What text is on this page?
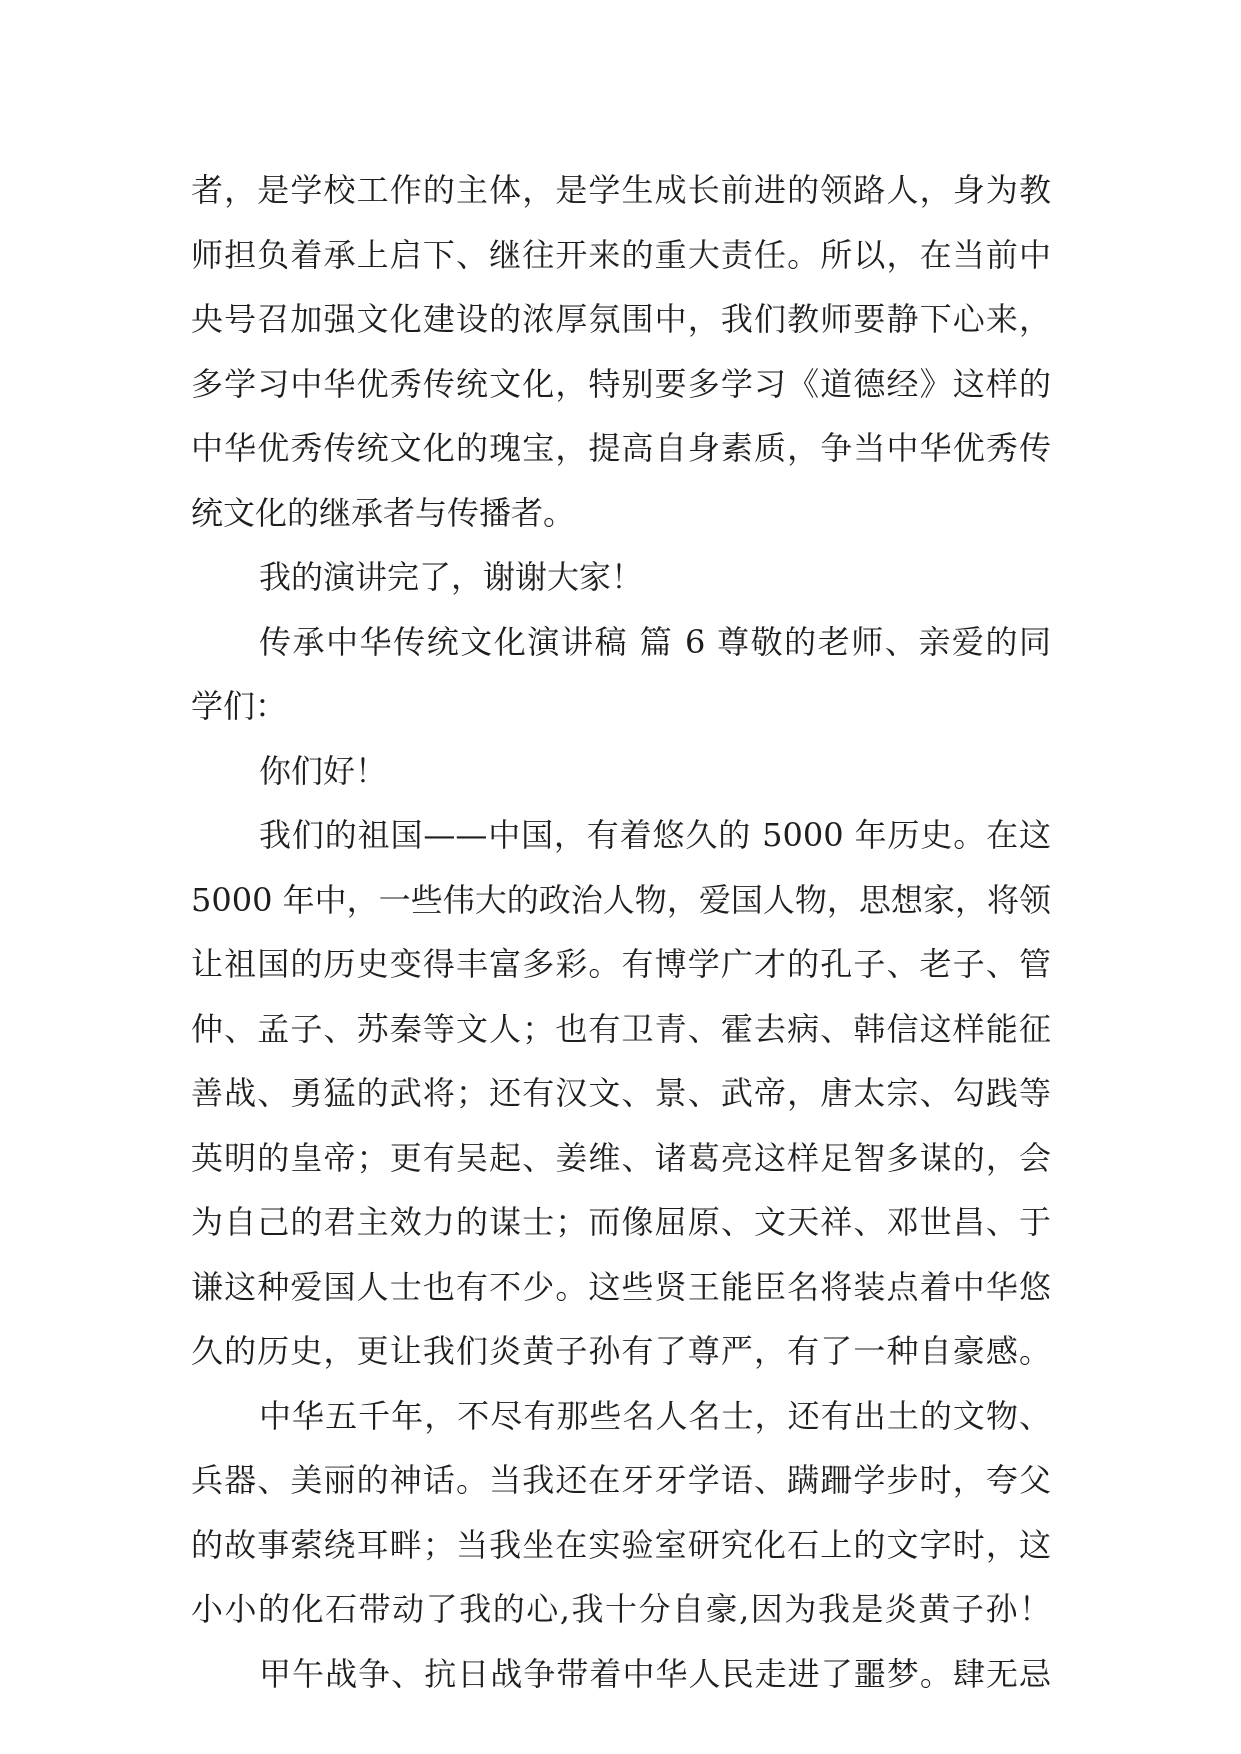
者，是学校工作的主体，是学生成长前进的领路人，身为教
师担负着承上启下、继往开来的重大责任。所以，在当前中
央号召加强文化建设的浓厚氛围中，我们教师要静下心来，
多学习中华优秀传统文化，特别要多学习《道德经》这样的
中华优秀传统文化的瑰宝，提高自身素质，争当中华优秀传
统文化的继承者与传播者。
我的演讲完了，谢谢大家！
传承中华传统文化演讲稿 篇 6 尊敬的老师、亲爱的同
学们：
你们好！
我们的祖国——中国，有着悠久的 5000 年历史。在这
5000 年中，一些伟大的政治人物，爱国人物，思想家，将领
让祖国的历史变得丰富多彩。有博学广才的孔子、老子、管
仲、孟子、苏秦等文人；也有卫青、霍去病、韩信这样能征
善战、勇猛的武将；还有汉文、景、武帝，唐太宗、勾践等
英明的皇帝；更有吴起、姜维、诸葛亮这样足智多谋的，会
为自己的君主效力的谋士；而像屈原、文天祥、邓世昌、于
谦这种爱国人士也有不少。这些贤王能臣名将装点着中华悠
久的历史，更让我们炎黄子孙有了尊严，有了一种自豪感。
中华五千年，不尽有那些名人名士，还有出土的文物、
兵器、美丽的神话。当我还在牙牙学语、蹒跚学步时，夸父
的故事萦绕耳畔；当我坐在实验室研究化石上的文字时，这
小小的化石带动了我的心,我十分自豪,因为我是炎黄子孙！
甲午战争、抗日战争带着中华人民走进了噩梦。肆无忌
